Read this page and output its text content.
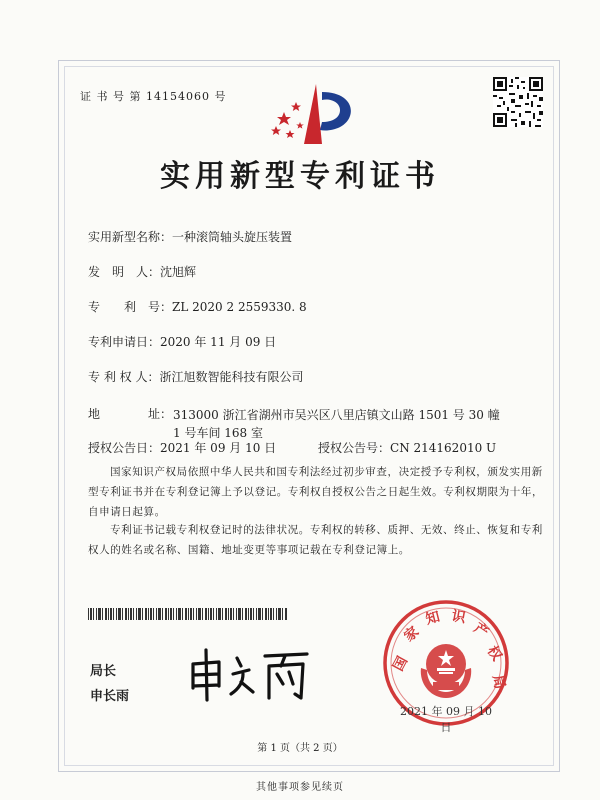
证 书 号 第 14154060 号
实用新型专利证书
实用新型名称：一种滚筒轴头旋压装置
发　明　人：沈旭辉
专　　利　号：ZL 2020 2 2559330. 8
专利申请日：2020 年 11 月 09 日
专 利 权 人：浙江旭数智能科技有限公司
地　　　　址： 313000 浙江省湖州市吴兴区八里店镇文山路 1501 号 30 幢 1 号车间 168 室
授权公告日：2021 年 09 月 10 日	授权公告号：CN 214162010 U
国家知识产权局依照中华人民共和国专利法经过初步审查，决定授予专利权，颁发实用新型专利证书并在专利登记簿上予以登记。专利权自授权公告之日起生效。专利权期限为十年，自申请日起算。
专利证书记载专利权登记时的法律状况。专利权的转移、质押、无效、终止、恢复和专利权人的姓名或名称、国籍、地址变更等事项记载在专利登记簿上。
局长
申长雨
国
家
知 识
产
权
局
2021 年 09 月 10 日
第 1 页（共 2 页）
其他事项参见续页
